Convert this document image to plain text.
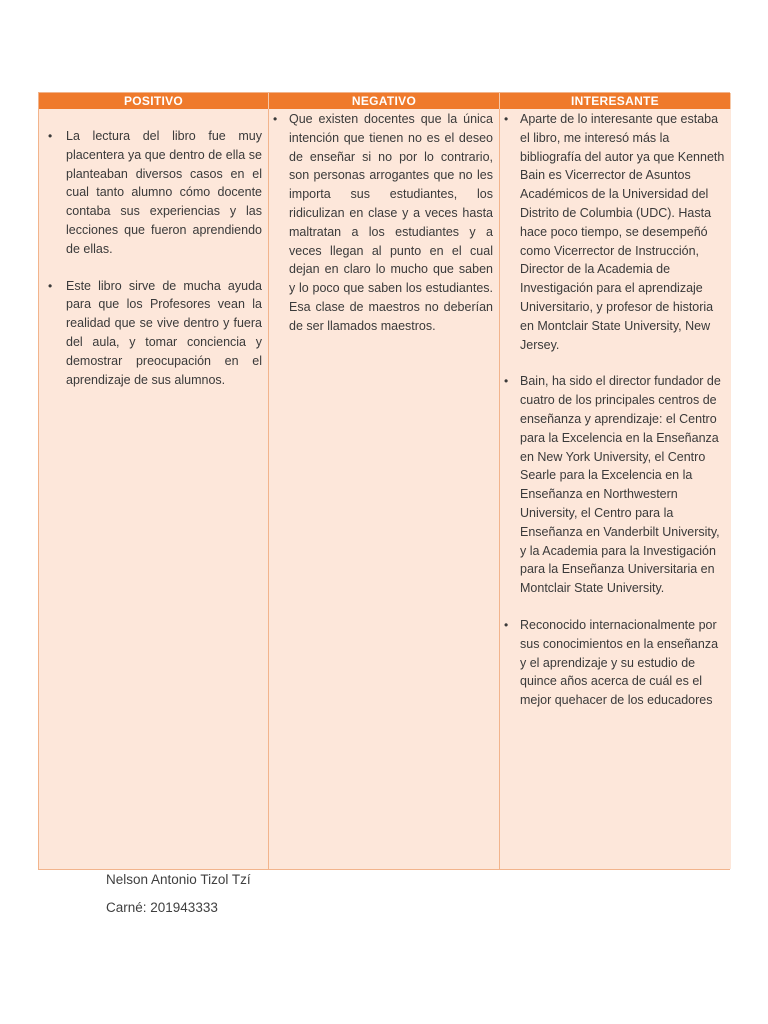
POSITIVO	NEGATIVO	INTERESANTE
• La lectura del libro fue muy placentera ya que dentro de ella se planteaban diversos casos en el cual tanto alumno cómo docente contaba sus experiencias y las lecciones que fueron aprendiendo de ellas.
• Este libro sirve de mucha ayuda para que los Profesores vean la realidad que se vive dentro y fuera del aula, y tomar conciencia y demostrar preocupación en el aprendizaje de sus alumnos.
• Que existen docentes que la única intención que tienen no es el deseo de enseñar si no por lo contrario, son personas arrogantes que no les importa sus estudiantes, los ridiculizan en clase y a veces hasta maltratan a los estudiantes y a veces llegan al punto en el cual dejan en claro lo mucho que saben y lo poco que saben los estudiantes. Esa clase de maestros no deberían de ser llamados maestros.
• Aparte de lo interesante que estaba el libro, me interesó más la bibliografía del autor ya que Kenneth Bain es Vicerrector de Asuntos Académicos de la Universidad del Distrito de Columbia (UDC). Hasta hace poco tiempo, se desempeñó como Vicerrector de Instrucción, Director de la Academia de Investigación para el aprendizaje Universitario, y profesor de historia en Montclair State University, New Jersey.
• Bain, ha sido el director fundador de cuatro de los principales centros de enseñanza y aprendizaje: el Centro para la Excelencia en la Enseñanza en New York University, el Centro Searle para la Excelencia en la Enseñanza en Northwestern University, el Centro para la Enseñanza en Vanderbilt University, y la Academia para la Investigación para la Enseñanza Universitaria en Montclair State University.
• Reconocido internacionalmente por sus conocimientos en la enseñanza y el aprendizaje y su estudio de quince años acerca de cuál es el mejor quehacer de los educadores
Nelson Antonio Tizol Tzí
Carné: 201943333
